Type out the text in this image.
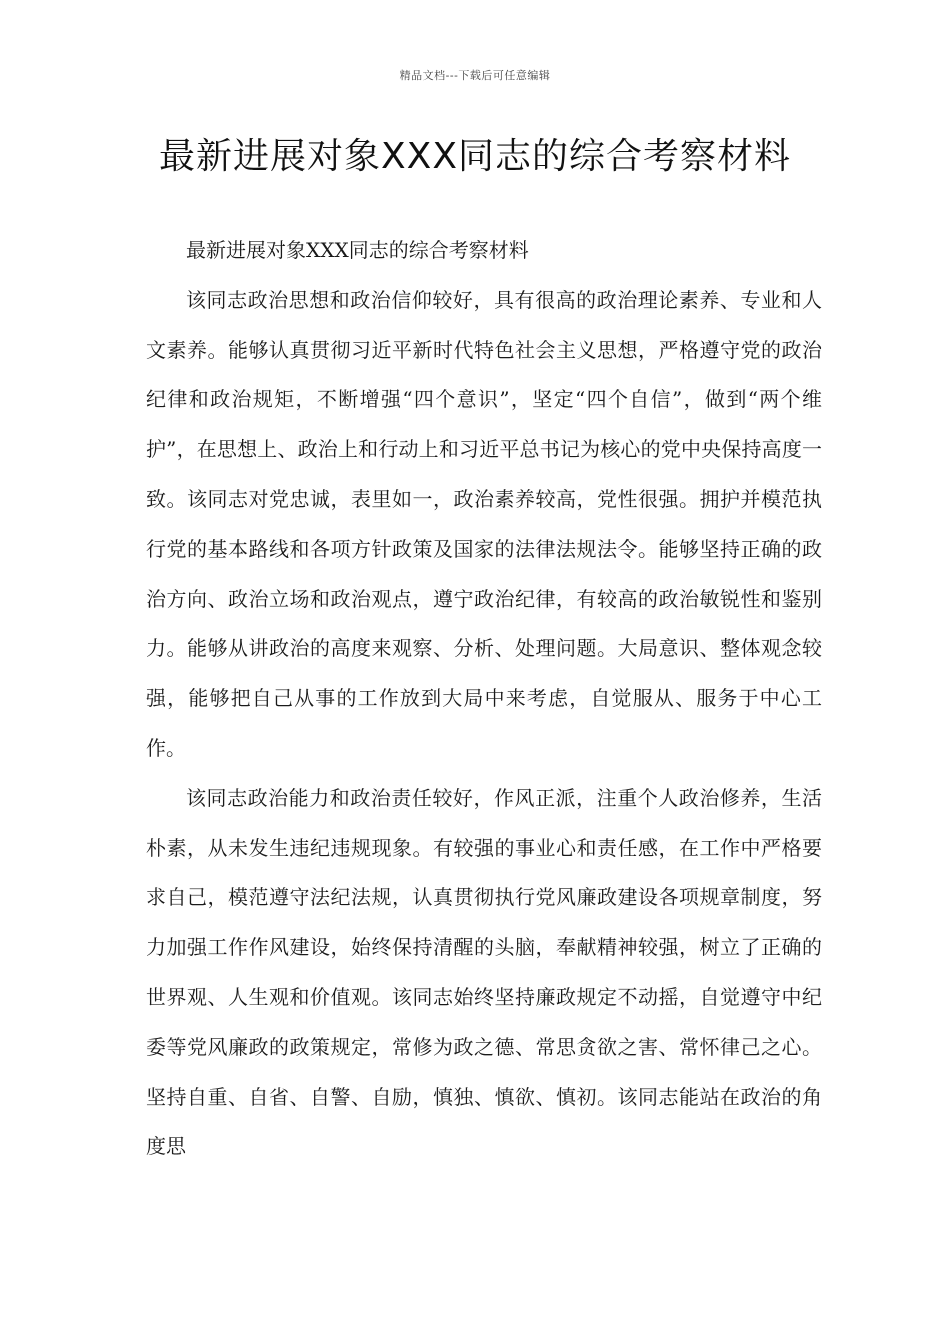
精品文档---下载后可任意编辑
最新进展对象XXX同志的综合考察材料

最新进展对象XXX同志的综合考察材料

该同志政治思想和政治信仰较好，具有很高的政治理论素养、专业和人文素养。能够认真贯彻习近平新时代特色社会主义思想，严格遵守党的政治纪律和政治规矩，不断增强“四个意识”，坚定“四个自信”，做到“两个维护”，在思想上、政治上和行动上和习近平总书记为核心的党中央保持高度一致。该同志对党忠诚，表里如一，政治素养较高，党性很强。拥护并模范执行党的基本路线和各项方针政策及国家的法律法规法令。能够坚持正确的政治方向、政治立场和政治观点，遵宁政治纪律，有较高的政治敏锐性和鉴别力。能够从讲政治的高度来观察、分析、处理问题。大局意识、整体观念较强，能够把自己从事的工作放到大局中来考虑，自觉服从、服务于中心工作。

该同志政治能力和政治责任较好，作风正派，注重个人政治修养，生活朴素，从未发生违纪违规现象。有较强的事业心和责任感，在工作中严格要求自己，模范遵守法纪法规，认真贯彻执行党风廉政建设各项规章制度，努力加强工作作风建设，始终保持清醒的头脑，奉献精神较强，树立了正确的世界观、人生观和价值观。该同志始终坚持廉政规定不动摇，自觉遵守中纪委等党风廉政的政策规定，常修为政之德、常思贪欲之害、常怀律己之心。坚持自重、自省、自警、自励，慎独、慎欲、慎初。该同志能站在政治的角度思
